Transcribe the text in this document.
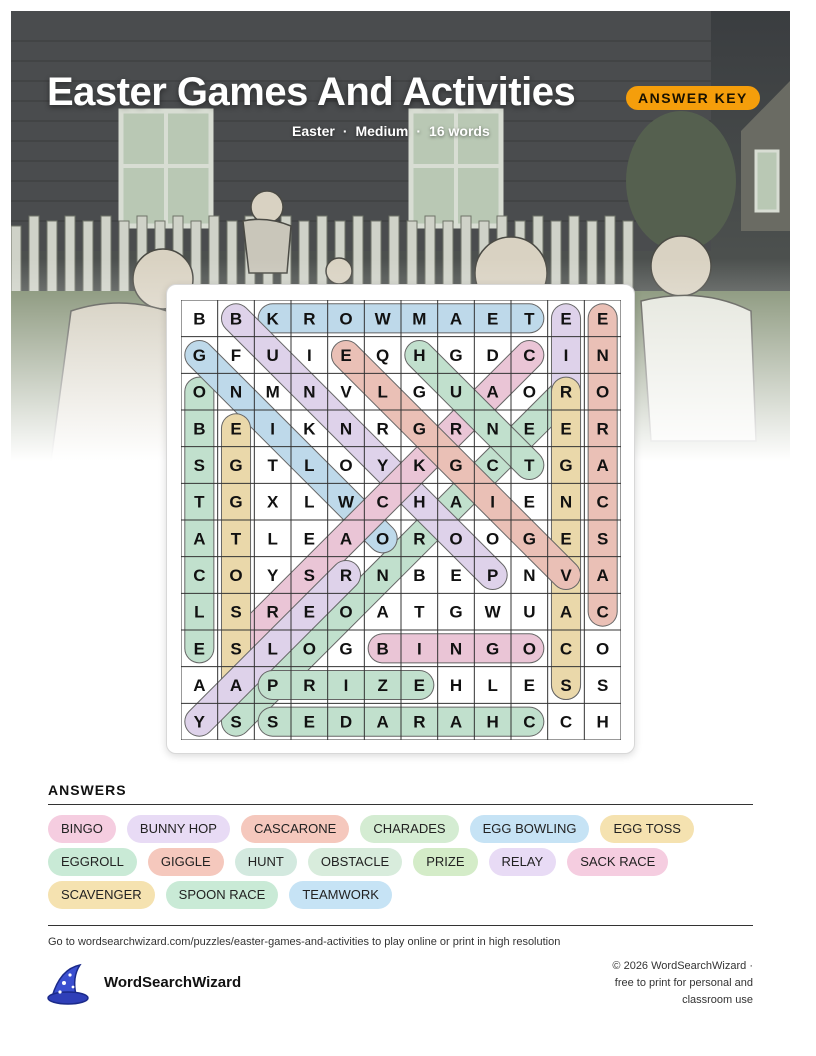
Easter Games And Activities	ANSWER KEY
Easter · Medium · 16 words
B B K R O W M A E T E E
G F U I E Q H G D C I N
O N M N V L G U A O R O
B E I K N R G R N E E R
S G T L O Y K G C T G A
T G X L W C H A I E N C
A T L E A O R O O G E S
C O Y S R N B E P N V A
L S R E O A T G W U A C
E S L O G B I N G O C O
A A P R I Z E H L E S S
Y S S E D A R A H C C H
ANSWERS
BINGO	BUNNY HOP	CASCARONE	CHARADES	EGG BOWLING	EGG TOSS
EGGROLL	GIGGLE	HUNT	OBSTACLE	PRIZE	RELAY	SACK RACE
SCAVENGER	SPOON RACE	TEAMWORK
Go to wordsearchwizard.com/puzzles/easter-games-and-activities to play online or print in high resolution
WordSearchWizard
© 2026 WordSearchWizard ·
free to print for personal and
classroom use
